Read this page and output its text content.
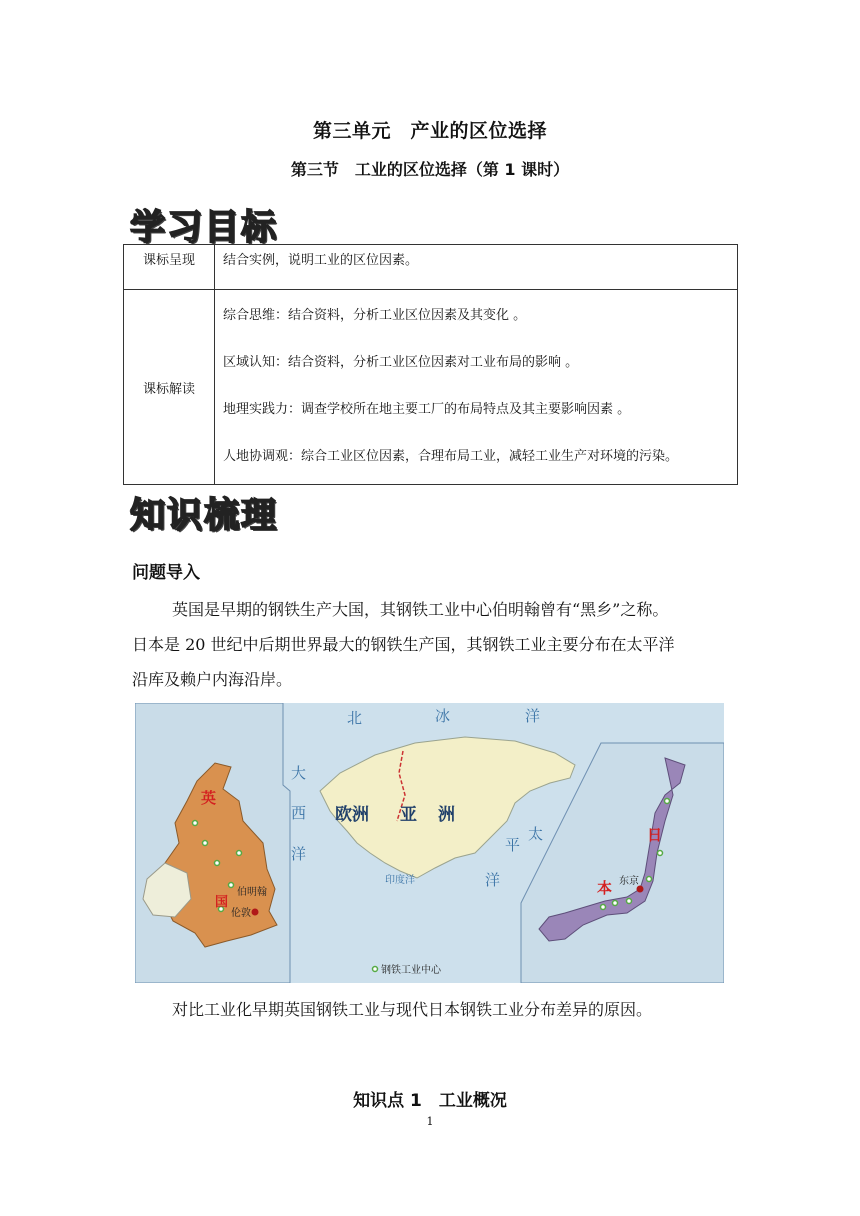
第三单元　产业的区位选择
第三节　工业的区位选择（第 1 课时）
学习目标
课标呈现	结合实例，说明工业的区位因素。
课标解读	综合思维：结合资料，分析工业区位因素及其变化 。
区域认知：结合资料，分析工业区位因素对工业布局的影响 。
地理实践力：调查学校所在地主要工厂的布局特点及其主要影响因素 。
人地协调观：综合工业区位因素，合理布局工业，减轻工业生产对环境的污染。
知识梳理
问题导入
英国是早期的钢铁生产大国，其钢铁工业中心伯明翰曾有“黑乡”之称。
日本是 20 世纪中后期世界最大的钢铁生产国，其钢铁工业主要分布在太平洋
沿库及赖户内海沿岸。
北	冰	洋
大
西
洋
太
平
洋
欧洲 亚 洲
印度洋
英
国
日
本
伯明翰
伦敦
东京
钢铁工业中心
对比工业化早期英国钢铁工业与现代日本钢铁工业分布差异的原因。
知识点 1　工业概况
1
